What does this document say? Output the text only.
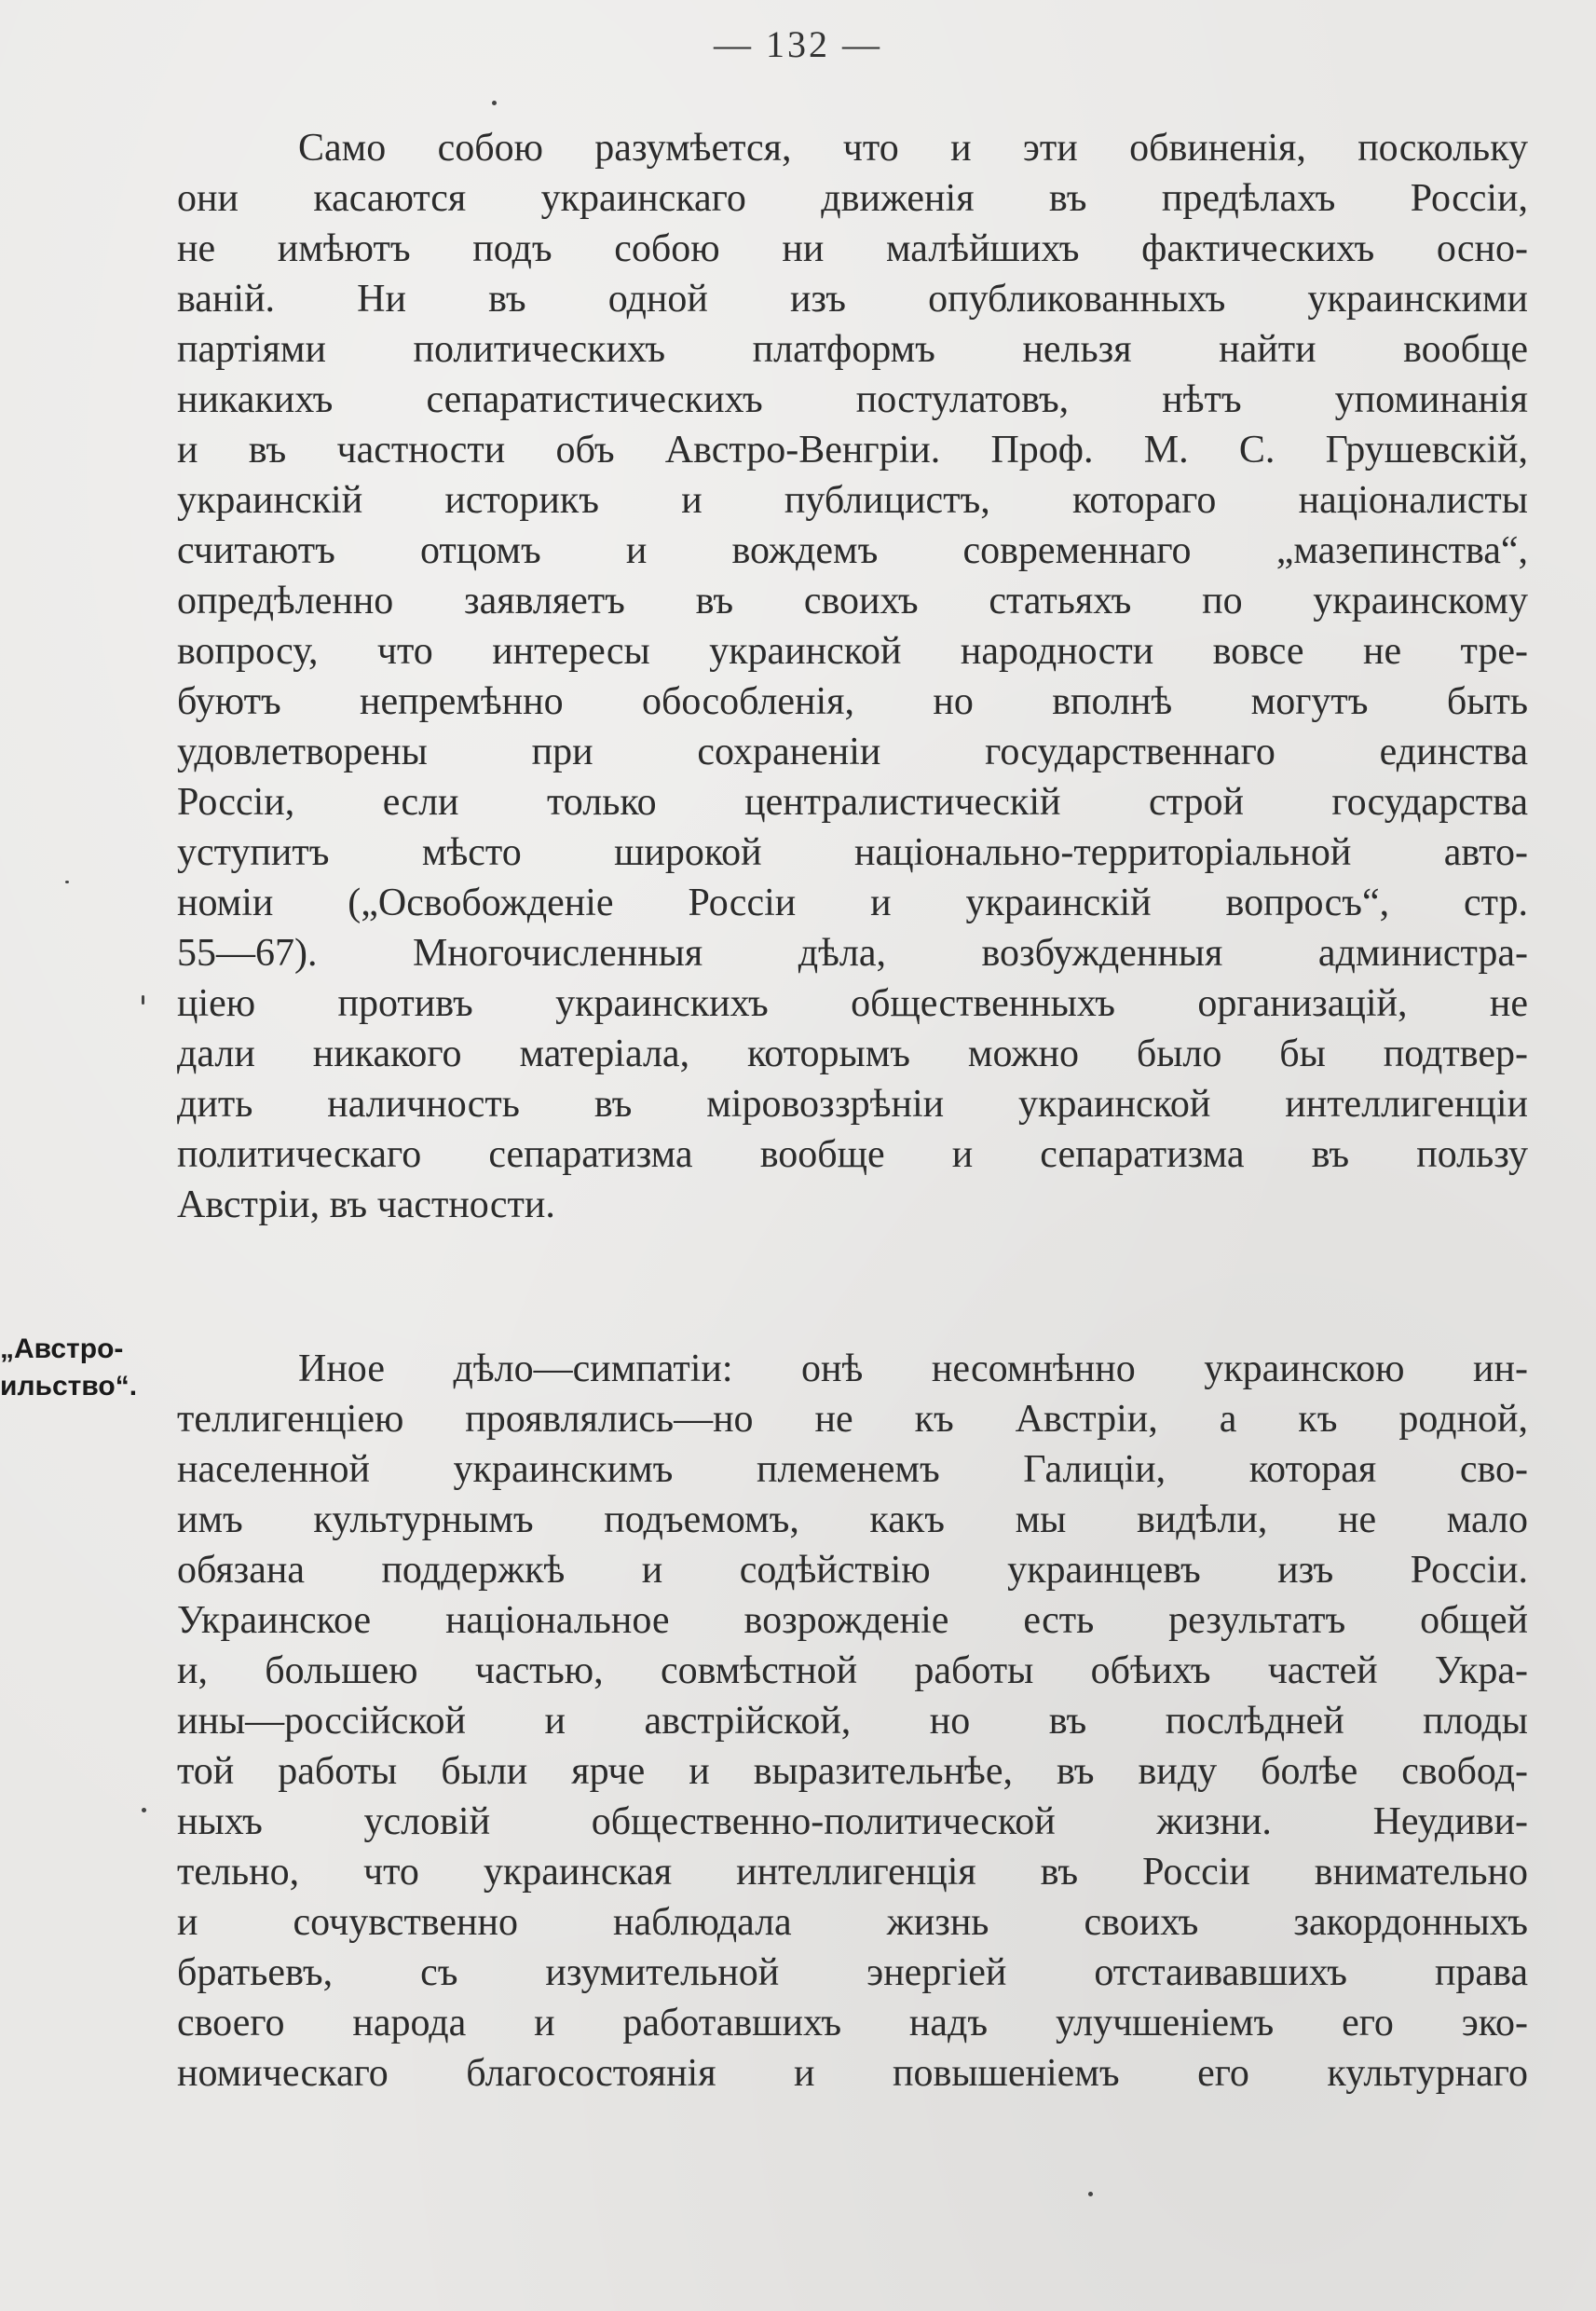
— 132 —
„Австро-
ильство“.
Само собою разумѣется, что и эти обвиненія, поскольку
они касаются украинскаго движенія въ предѣлахъ Россіи,
не имѣютъ подъ собою ни малѣйшихъ фактическихъ осно-
ваній. Ни въ одной изъ опубликованныхъ украинскими
партіями политическихъ платформъ нельзя найти вообще
никакихъ сепаратистическихъ постулатовъ, нѣтъ упоминанія
и въ частности объ Австро-Венгріи. Проф. М. С. Грушевскій,
украинскій историкъ и публицистъ, котораго націоналисты
считаютъ отцомъ и вождемъ современнаго „мазепинства“,
опредѣленно заявляетъ въ своихъ статьяхъ по украинскому
вопросу, что интересы украинской народности вовсе не тре-
буютъ непремѣнно обособленія, но вполнѣ могутъ быть
удовлетворены при сохраненіи государственнаго единства
Россіи, если только централистическій строй государства
уступитъ мѣсто широкой національно-территоріальной авто-
номіи („Освобожденіе Россіи и украинскій вопросъ“, стр.
55—67). Многочисленныя дѣла, возбужденныя администра-
ціею противъ украинскихъ общественныхъ организацій, не
дали никакого матеріала, которымъ можно было бы подтвер-
дить наличность въ міровоззрѣніи украинской интеллигенціи
политическаго сепаратизма вообще и сепаратизма въ пользу
Австріи, въ частности.
Иное дѣло—симпатіи: онѣ несомнѣнно украинскою ин-
теллигенціею проявлялись—но не къ Австріи, а къ родной,
населенной украинскимъ племенемъ Галиціи, которая сво-
имъ культурнымъ подъемомъ, какъ мы видѣли, не мало
обязана поддержкѣ и содѣйствію украинцевъ изъ Россіи.
Украинское національное возрожденіе есть результатъ общей
и, большею частью, совмѣстной работы обѣихъ частей Укра-
ины—россійской и австрійской, но въ послѣдней плоды
той работы были ярче и выразительнѣе, въ виду болѣе свобод-
ныхъ условій общественно-политической жизни. Неудиви-
тельно, что украинская интеллигенція въ Россіи внимательно
и сочувственно наблюдала жизнь своихъ закордонныхъ
братьевъ, съ изумительной энергіей отстаивавшихъ права
своего народа и работавшихъ надъ улучшеніемъ его эко-
номическаго благосостоянія и повышеніемъ его культурнаго
